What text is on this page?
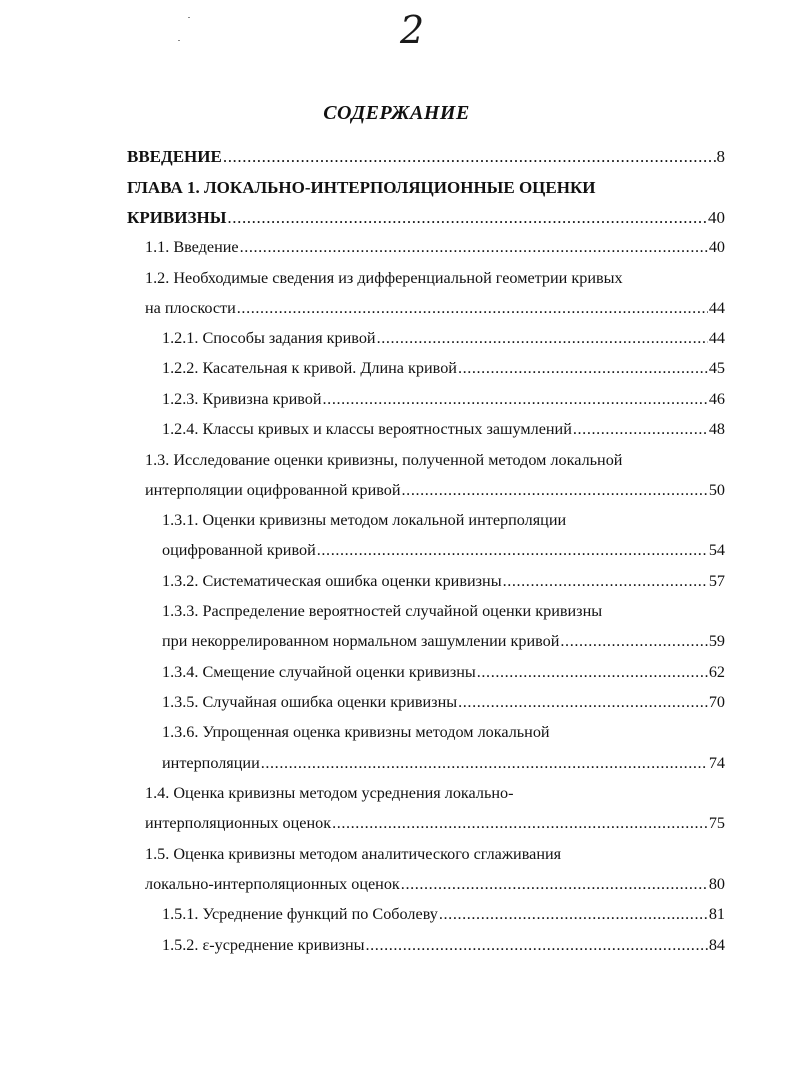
2
СОДЕРЖАНИЕ
ВВЕДЕНИЕ .....	8
ГЛАВА 1. ЛОКАЛЬНО-ИНТЕРПОЛЯЦИОННЫЕ ОЦЕНКИ
КРИВИЗНЫ .....	40
1.1. Введение .....	40
1.2. Необходимые сведения из дифференциальной геометрии кривых
на плоскости .....	44
1.2.1. Способы задания кривой .....	44
1.2.2. Касательная к кривой. Длина кривой .....	45
1.2.3. Кривизна кривой .....	46
1.2.4. Классы кривых и классы вероятностных зашумлений .....	48
1.3. Исследование оценки кривизны, полученной методом локальной
интерполяции оцифрованной кривой .....	50
1.3.1. Оценки кривизны методом локальной интерполяции
оцифрованной кривой .....	54
1.3.2. Систематическая ошибка оценки кривизны .....	57
1.3.3. Распределение вероятностей случайной оценки кривизны
при некоррелированном нормальном зашумлении кривой .....	59
1.3.4. Смещение случайной оценки кривизны .....	62
1.3.5. Случайная ошибка оценки кривизны .....	70
1.3.6. Упрощенная оценка кривизны методом локальной
интерполяции .....	74
1.4. Оценка кривизны методом усреднения локально-
интерполяционных оценок .....	75
1.5. Оценка кривизны методом аналитического сглаживания
локально-интерполяционных оценок .....	80
1.5.1. Усреднение функций по Соболеву .....	81
1.5.2. ε-усреднение кривизны .....	84
